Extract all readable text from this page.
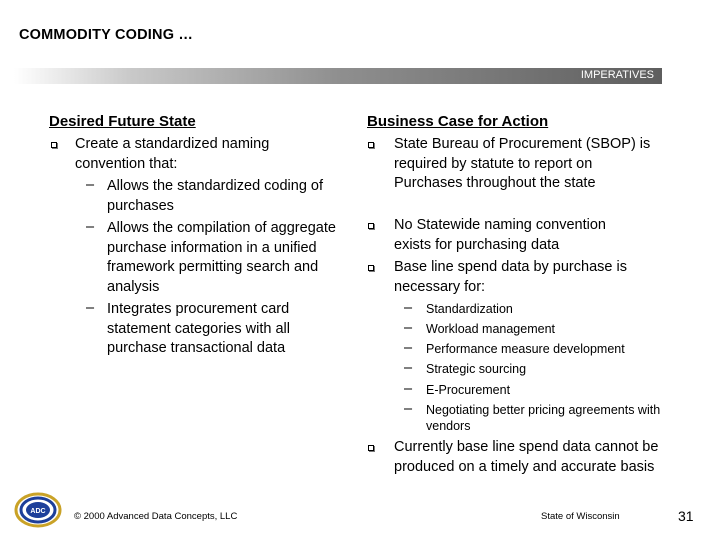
COMMODITY CODING …
IMPERATIVES
Desired Future State
Create a standardized naming convention that:
– Allows the standardized coding of purchases
– Allows the compilation of aggregate purchase information in a unified framework permitting search and analysis
– Integrates procurement card statement categories with all purchase transactional data
Business Case for Action
State Bureau of Procurement (SBOP) is required by statute to report on Purchases throughout the state
No Statewide naming convention exists for purchasing data
Base line spend data by purchase is necessary for:
– Standardization
– Workload management
– Performance measure development
– Strategic sourcing
– E-Procurement
– Negotiating better pricing agreements with vendors
Currently base line spend data cannot be produced on a timely and accurate basis
ADC	© 2000 Advanced Data Concepts, LLC	State of Wisconsin	31
